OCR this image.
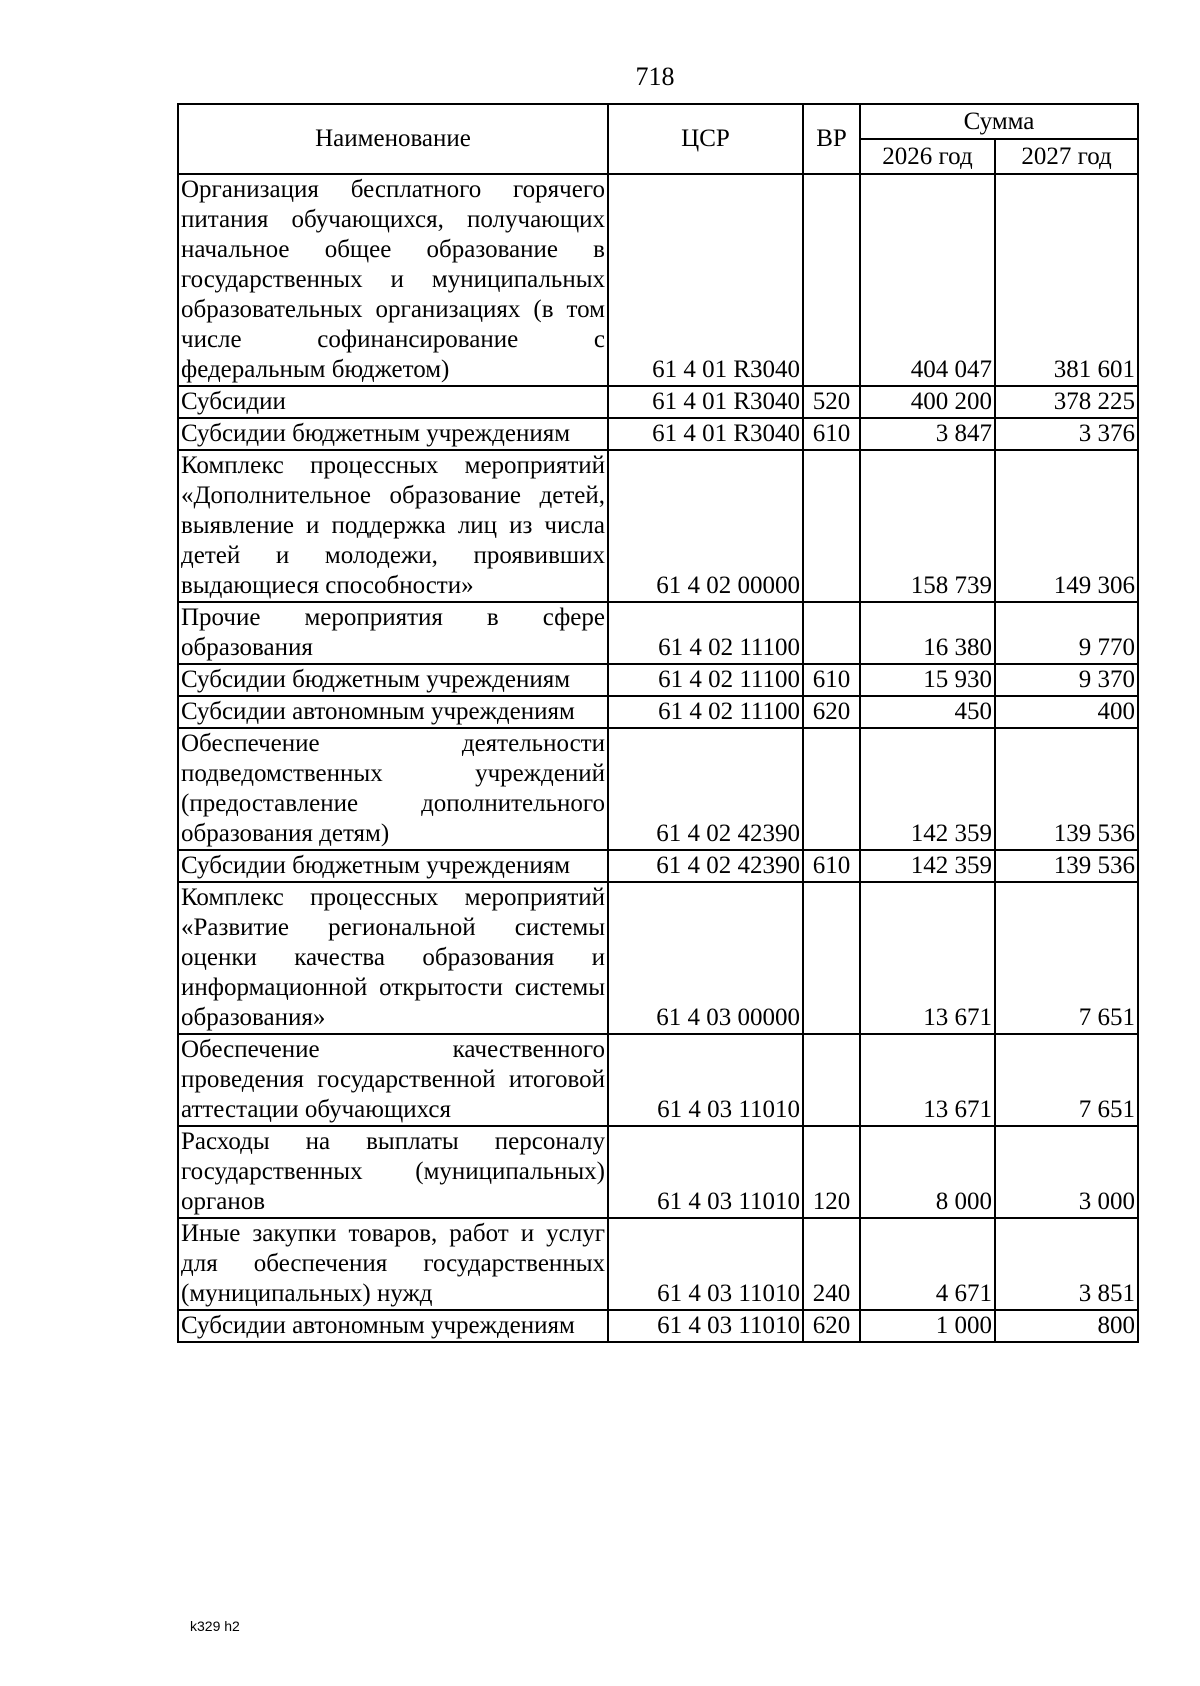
718
Наименование	ЦСР	ВР	Сумма	
			2026 год	2027 год
Организация бесплатного горячего питания обучающихся, получающих начальное общее образование в государственных и муниципальных образовательных организациях (в том числе софинансирование с федеральным бюджетом)	61 4 01 R3040		404 047	381 601
Субсидии	61 4 01 R3040	520	400 200	378 225
Субсидии бюджетным учреждениям	61 4 01 R3040	610	3 847	3 376
Комплекс процессных мероприятий «Дополнительное образование детей, выявление и поддержка лиц из числа детей и молодежи, проявивших выдающиеся способности»	61 4 02 00000		158 739	149 306
Прочие мероприятия в сфере образования	61 4 02 11100		16 380	9 770
Субсидии бюджетным учреждениям	61 4 02 11100	610	15 930	9 370
Субсидии автономным учреждениям	61 4 02 11100	620	450	400
Обеспечение деятельности подведомственных учреждений (предоставление дополнительного образования детям)	61 4 02 42390		142 359	139 536
Субсидии бюджетным учреждениям	61 4 02 42390	610	142 359	139 536
Комплекс процессных мероприятий «Развитие региональной системы оценки качества образования и информационной открытости системы образования»	61 4 03 00000		13 671	7 651
Обеспечение качественного проведения государственной итоговой аттестации обучающихся	61 4 03 11010		13 671	7 651
Расходы на выплаты персоналу государственных (муниципальных) органов	61 4 03 11010	120	8 000	3 000
Иные закупки товаров, работ и услуг для обеспечения государственных (муниципальных) нужд	61 4 03 11010	240	4 671	3 851
Субсидии автономным учреждениям	61 4 03 11010	620	1 000	800
k329 h2
